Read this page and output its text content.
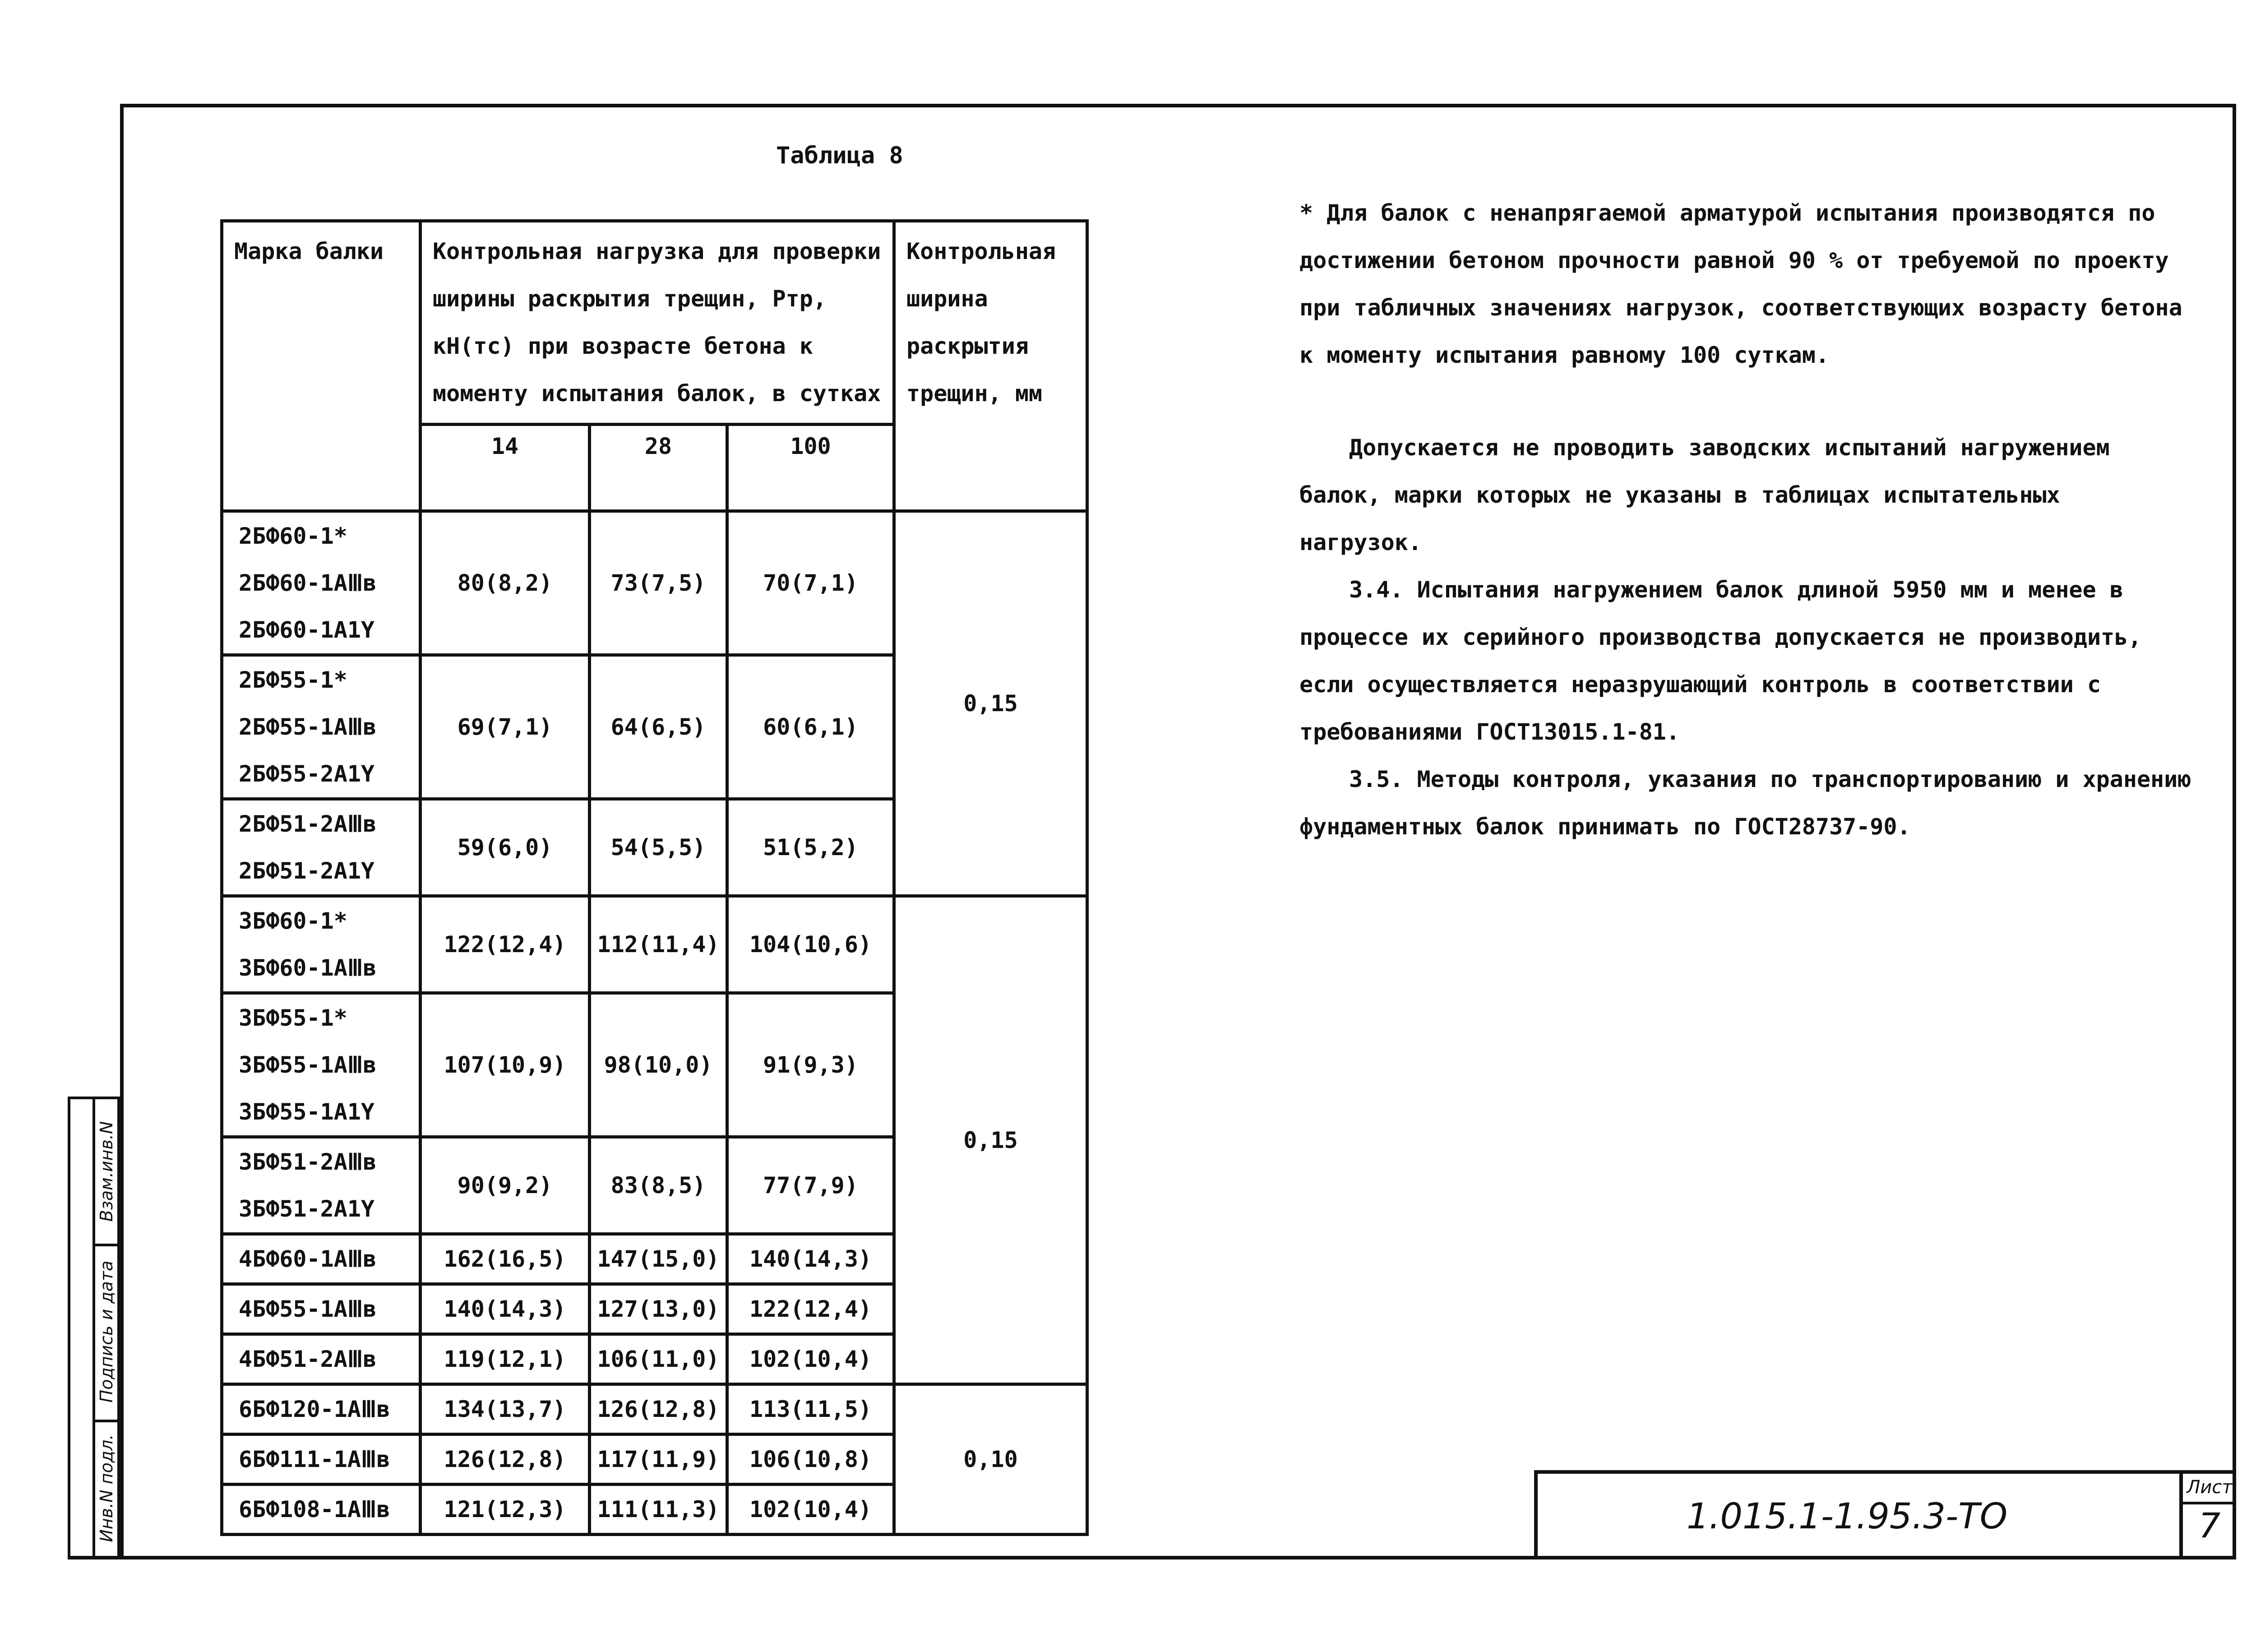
Взам.инв.N
Подпись и дата
Инв.N подл.
Таблица 8
Марка балки	Контрольная нагрузка для проверки ширины раскрытия трещин, Ртр, кН(тс) при возрасте бетона к моменту испытания балок, в сутках			Контрольная ширина раскрытия трещин, мм
	14	28	100	

2БФ60-1*
2БФ60-1АⅢв
2БФ60-1А1Y	80(8,2)	73(7,5)	70(7,1)	0,15

2БФ55-1*
2БФ55-1АⅢв
2БФ55-2А1Y	69(7,1)	64(6,5)	60(6,1)	

2БФ51-2АⅢв
2БФ51-2А1Y	59(6,0)	54(5,5)	51(5,2)	

3БФ60-1*
3БФ60-1АⅢв	122(12,4)	112(11,4)	104(10,6)	0,15

3БФ55-1*
3БФ55-1АⅢв
3БФ55-1А1Y	107(10,9)	98(10,0)	91(9,3)	

3БФ51-2АⅢв
3БФ51-2А1Y	90(9,2)	83(8,5)	77(7,9)	

4БФ60-1АⅢв	162(16,5)	147(15,0)	140(14,3)	

4БФ55-1АⅢв	140(14,3)	127(13,0)	122(12,4)	

4БФ51-2АⅢв	119(12,1)	106(11,0)	102(10,4)	

6БФ120-1АⅢв	134(13,7)	126(12,8)	113(11,5)	0,10

6БФ111-1АⅢв	126(12,8)	117(11,9)	106(10,8)	

6БФ108-1АⅢв	121(12,3)	111(11,3)	102(10,4)	

* Для балок с ненапрягаемой арматурой испытания производятся по достижении бетоном прочности равной 90 % от требуемой по проекту при табличных значениях нагрузок, соответствующих возрасту бетона к моменту испытания равному 100 суткам.

Допускается не проводить заводских испытаний нагружением балок, марки которых не указаны в таблицах испытательных нагрузок.

3.4. Испытания нагружением балок длиной 5950 мм и менее в процессе их серийного производства допускается не производить, если осуществляется неразрушающий контроль в соответствии с требованиями ГОСТ13015.1-81.

3.5. Методы контроля, указания по транспортированию и хранению фундаментных балок принимать по ГОСТ28737-90.

1.015.1-1.95.3-ТО
Лист
7
